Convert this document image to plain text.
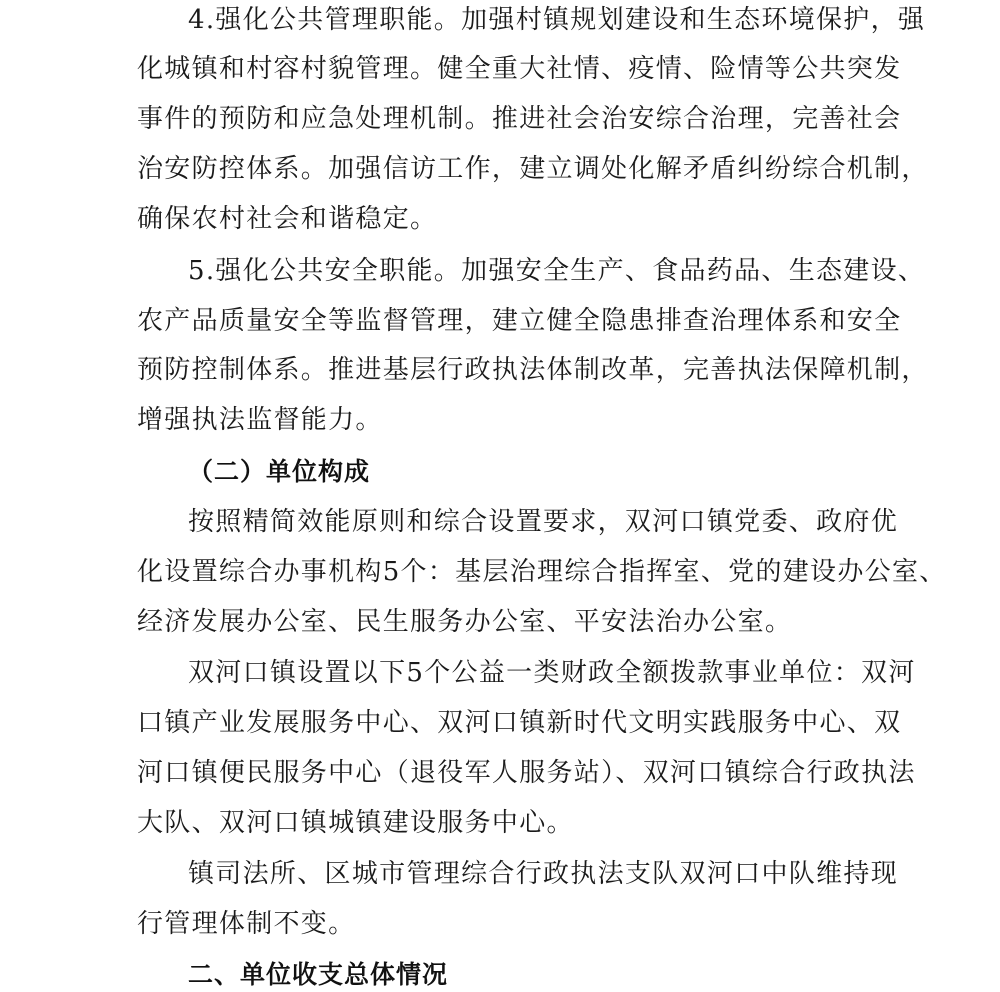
4.强化公共管理职能。加强村镇规划建设和生态环境保护，强
化城镇和村容村貌管理。健全重大社情、疫情、险情等公共突发
事件的预防和应急处理机制。推进社会治安综合治理，完善社会
治安防控体系。加强信访工作，建立调处化解矛盾纠纷综合机制，
确保农村社会和谐稳定。
5.强化公共安全职能。加强安全生产、食品药品、生态建设、
农产品质量安全等监督管理，建立健全隐患排查治理体系和安全
预防控制体系。推进基层行政执法体制改革，完善执法保障机制，
增强执法监督能力。
（二）单位构成
按照精简效能原则和综合设置要求，双河口镇党委、政府优
化设置综合办事机构5个：基层治理综合指挥室、党的建设办公室、
经济发展办公室、民生服务办公室、平安法治办公室。
双河口镇设置以下5个公益一类财政全额拨款事业单位：双河
口镇产业发展服务中心、双河口镇新时代文明实践服务中心、双
河口镇便民服务中心（退役军人服务站）、双河口镇综合行政执法
大队、双河口镇城镇建设服务中心。
镇司法所、区城市管理综合行政执法支队双河口中队维持现
行管理体制不变。
二、单位收支总体情况
